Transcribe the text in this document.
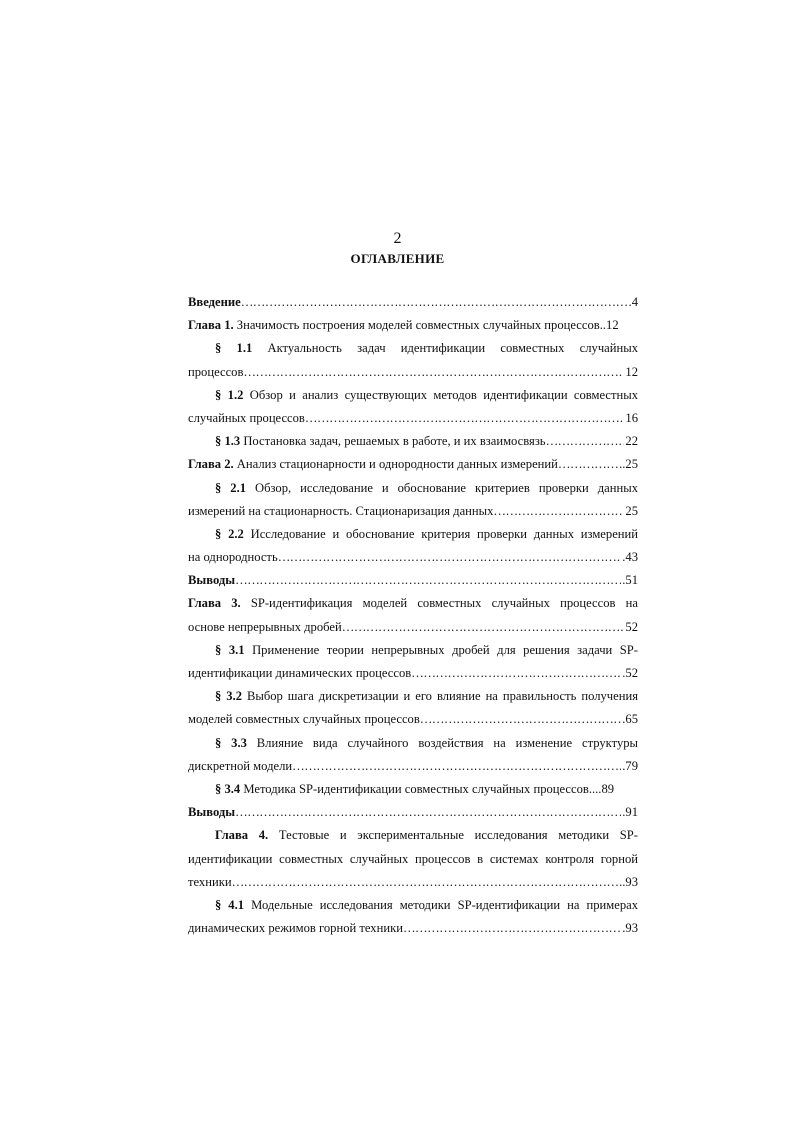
2
ОГЛАВЛЕНИЕ
Введение ………………………………………………………………………………………………………………………………………	.4
Глава 1. Значимость построения моделей совместных случайных процессов..12
§ 1.1 Актуальность задач идентификации совместных случайных
процессов ………………………………………………………………………………………………………………………………………	12
§ 1.2 Обзор и анализ существующих методов идентификации совместных
случайных процессов ………………………………………………………………………………………………………………………………………	16
§ 1.3 Постановка задач, решаемых в работе, и их взаимосвязь ………………………………………………………………………………………………………………………………………	22
Глава 2. Анализ стационарности и однородности данных измерений ………………………………………………………………………………………………………………………………………	..25
§ 2.1 Обзор, исследование и обоснование критериев проверки данных
измерений на стационарность. Стационаризация данных ………………………………………………………………………………………………………………………………………	25
§ 2.2 Исследование и обоснование критерия проверки данных измерений
на однородность ………………………………………………………………………………………………………………………………………	.43
Выводы ………………………………………………………………………………………………………………………………………	.51
Глава 3. SP-идентификация моделей совместных случайных процессов на
основе непрерывных дробей ………………………………………………………………………………………………………………………………………	52
§ 3.1 Применение теории непрерывных дробей для решения задачи SP-
идентификации динамических процессов ………………………………………………………………………………………………………………………………………	.52
§ 3.2 Выбор шага дискретизации и его влияние на правильность получения
моделей совместных случайных процессов ………………………………………………………………………………………………………………………………………	.65
§ 3.3 Влияние вида случайного воздействия на изменение структуры
дискретной модели ………………………………………………………………………………………………………………………………………	.79
§ 3.4 Методика SP-идентификации совместных случайных процессов....89
Выводы ………………………………………………………………………………………………………………………………………	.91
Глава 4. Тестовые и экспериментальные исследования методики SP-
идентификации совместных случайных процессов в системах контроля горной
техники ………………………………………………………………………………………………………………………………………	..93
§ 4.1 Модельные исследования методики SP-идентификации на примерах
динамических режимов горной техники ………………………………………………………………………………………………………………………………………	.93
